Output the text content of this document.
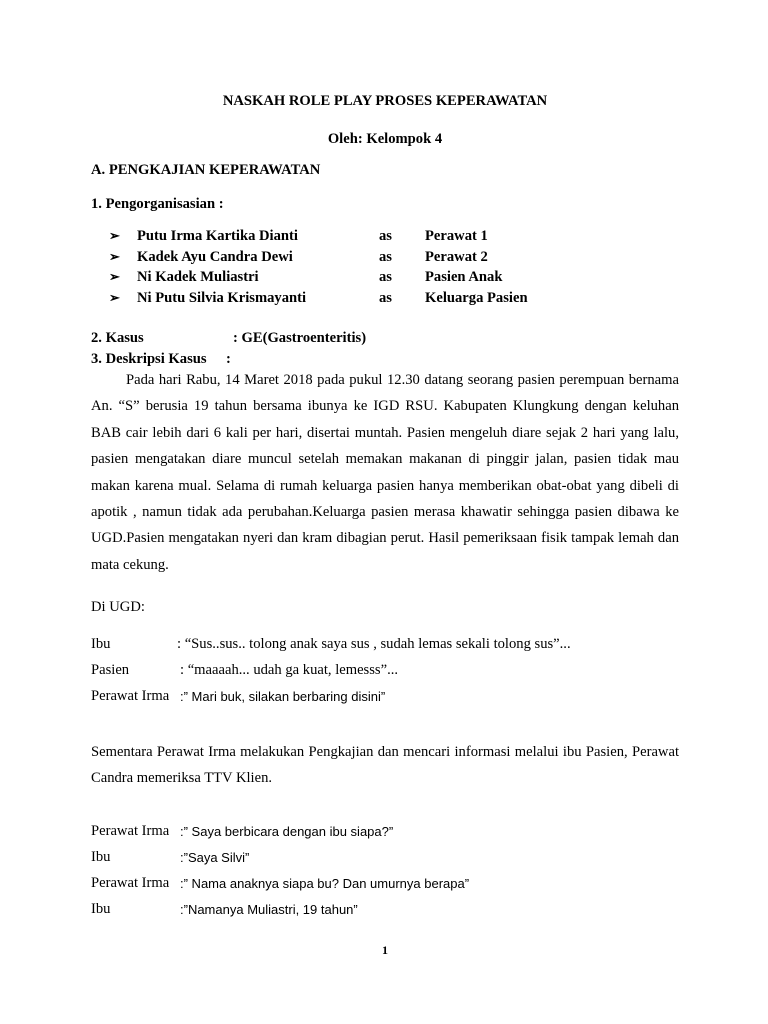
NASKAH ROLE PLAY PROSES KEPERAWATAN
Oleh: Kelompok 4
A. PENGKAJIAN KEPERAWATAN
1. Pengorganisasian :
➢ Putu Irma Kartika Dianti	as Perawat 1
➢ Kadek Ayu Candra Dewi	as Perawat 2
➢ Ni Kadek Muliastri	as Pasien Anak
➢ Ni Putu Silvia Krismayanti	as Keluarga Pasien
2. Kasus	: GE(Gastroenteritis)
3. Deskripsi Kasus :
Pada hari Rabu, 14 Maret 2018 pada pukul 12.30 datang seorang pasien perempuan bernama An. “S” berusia 19 tahun bersama ibunya ke IGD RSU. Kabupaten Klungkung dengan keluhan BAB cair lebih dari 6 kali per hari, disertai muntah. Pasien mengeluh diare sejak 2 hari yang lalu, pasien mengatakan diare muncul setelah memakan makanan di pinggir jalan, pasien tidak mau makan karena mual. Selama di rumah keluarga pasien hanya memberikan obat-obat yang dibeli di apotik , namun tidak ada perubahan.Keluarga pasien merasa khawatir sehingga pasien dibawa ke UGD.Pasien mengatakan nyeri dan kram dibagian perut. Hasil pemeriksaan fisik tampak lemah dan mata cekung.
Di UGD:
Ibu	: “Sus..sus.. tolong anak saya sus , sudah lemas sekali tolong sus”...
Pasien	: “maaaah... udah ga kuat, lemesss”...
Perawat Irma :” Mari buk, silakan berbaring disini”
Sementara Perawat Irma melakukan Pengkajian dan mencari informasi melalui ibu Pasien, Perawat Candra memeriksa TTV Klien.
Perawat Irma :” Saya berbicara dengan ibu siapa?”
Ibu	:”Saya Silvi”
Perawat Irma :” Nama anaknya siapa bu? Dan umurnya berapa”
Ibu	:”Namanya Muliastri, 19 tahun”
1
